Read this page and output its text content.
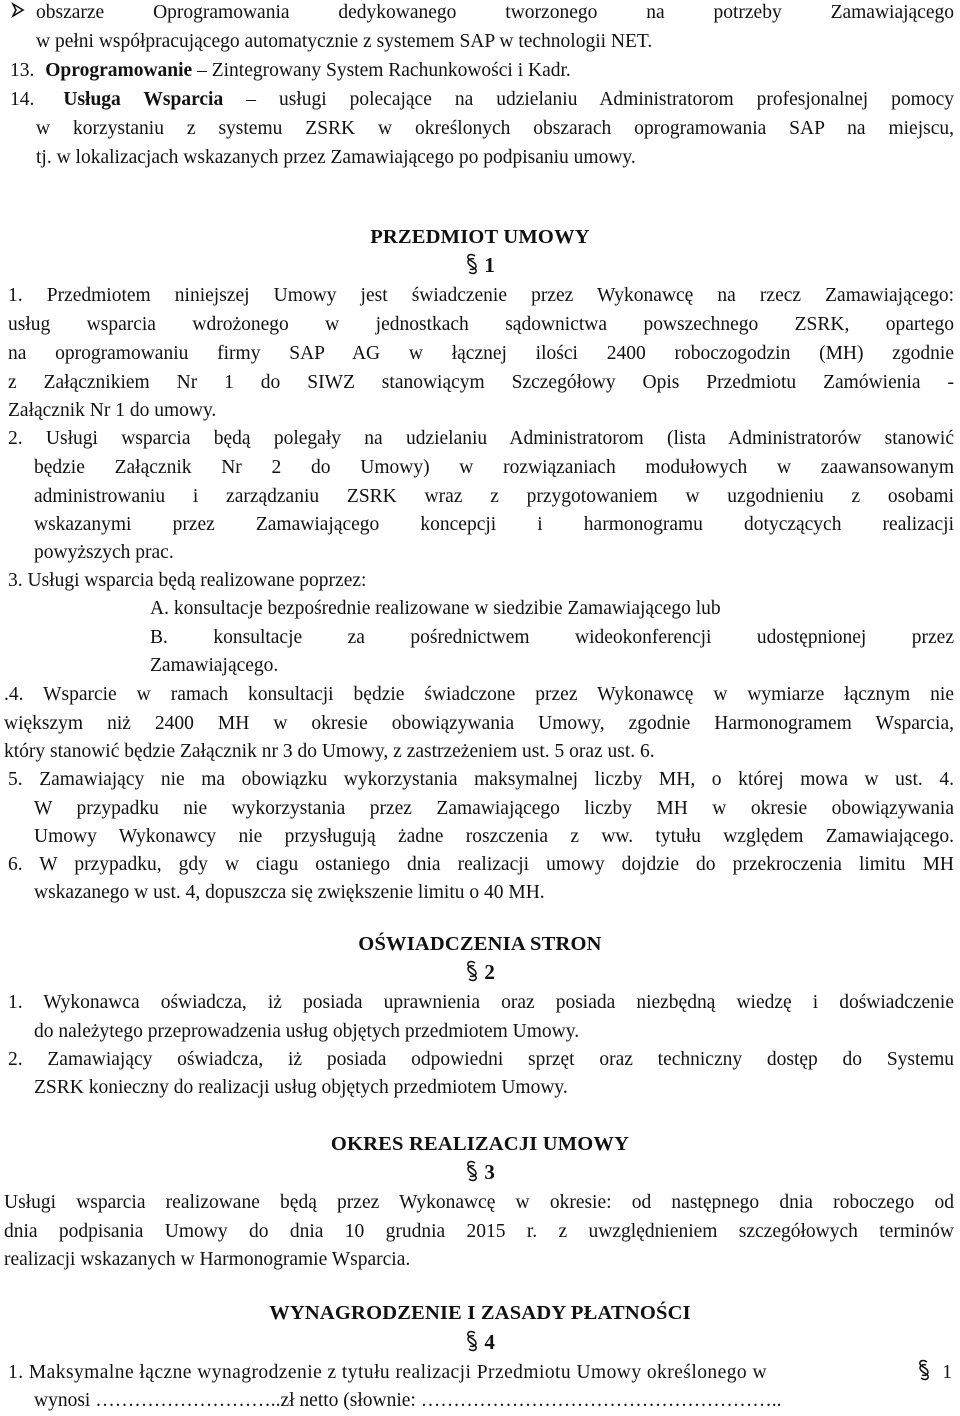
obszarze Oprogramowania dedykowanego tworzonego na potrzeby Zamawiającego
w pełni współpracującego automatycznie z systemem SAP w technologii NET.
13. Oprogramowanie – Zintegrowany System Rachunkowości i Kadr.
14. Usługa Wsparcia – usługi polecające na udzielaniu Administratorom profesjonalnej pomocy
w korzystaniu z systemu ZSRK w określonych obszarach oprogramowania SAP na miejscu,
tj. w lokalizacjach wskazanych przez Zamawiającego po podpisaniu umowy.
PRZEDMIOT UMOWY
1
1. Przedmiotem niniejszej Umowy jest świadczenie przez Wykonawcę na rzecz Zamawiającego:
usług wsparcia wdrożonego w jednostkach sądownictwa powszechnego ZSRK, opartego
na oprogramowaniu firmy SAP AG w łącznej ilości 2400 roboczogodzin (MH) zgodnie
z Załącznikiem Nr 1 do SIWZ stanowiącym Szczegółowy Opis Przedmiotu Zamówienia -
Załącznik Nr 1 do umowy.
2. Usługi wsparcia będą polegały na udzielaniu Administratorom (lista Administratorów stanowić
będzie Załącznik Nr 2 do Umowy) w rozwiązaniach modułowych w zaawansowanym
administrowaniu i zarządzaniu ZSRK wraz z przygotowaniem w uzgodnieniu z osobami
wskazanymi przez Zamawiającego koncepcji i harmonogramu dotyczących realizacji
powyższych prac.
3. Usługi wsparcia będą realizowane poprzez:
A. konsultacje bezpośrednie realizowane w siedzibie Zamawiającego lub
B. konsultacje za pośrednictwem wideokonferencji udostępnionej przez
Zamawiającego.
.4. Wsparcie w ramach konsultacji będzie świadczone przez Wykonawcę w wymiarze łącznym nie
większym niż 2400 MH w okresie obowiązywania Umowy, zgodnie Harmonogramem Wsparcia,
który stanowić będzie Załącznik nr 3 do Umowy, z zastrzeżeniem ust. 5 oraz ust. 6.
5. Zamawiający nie ma obowiązku wykorzystania maksymalnej liczby MH, o której mowa w ust. 4.
W przypadku nie wykorzystania przez Zamawiającego liczby MH w okresie obowiązywania
Umowy Wykonawcy nie przysługują żadne roszczenia z ww. tytułu względem Zamawiającego.
6. W przypadku, gdy w ciagu ostaniego dnia realizacji umowy dojdzie do przekroczenia limitu MH
wskazanego w ust. 4, dopuszcza się zwiększenie limitu o 40 MH.
OŚWIADCZENIA STRON
2
1. Wykonawca oświadcza, iż posiada uprawnienia oraz posiada niezbędną wiedzę i doświadczenie
do należytego przeprowadzenia usług objętych przedmiotem Umowy.
2. Zamawiający oświadcza, iż posiada odpowiedni sprzęt oraz techniczny dostęp do Systemu
ZSRK konieczny do realizacji usług objętych przedmiotem Umowy.
OKRES REALIZACJI UMOWY
3
Usługi wsparcia realizowane będą przez Wykonawcę w okresie: od następnego dnia roboczego od
dnia podpisania Umowy do dnia 10 grudnia 2015 r. z uwzględnieniem szczegółowych terminów
realizacji wskazanych w Harmonogramie Wsparcia.
WYNAGRODZENIE I ZASADY PŁATNOŚCI
4
1. Maksymalne łączne wynagrodzenie z tytułu realizacji Przedmiotu Umowy określonego w	1
wynosi ………………………..zł netto (słownie: ………………………………………………..
